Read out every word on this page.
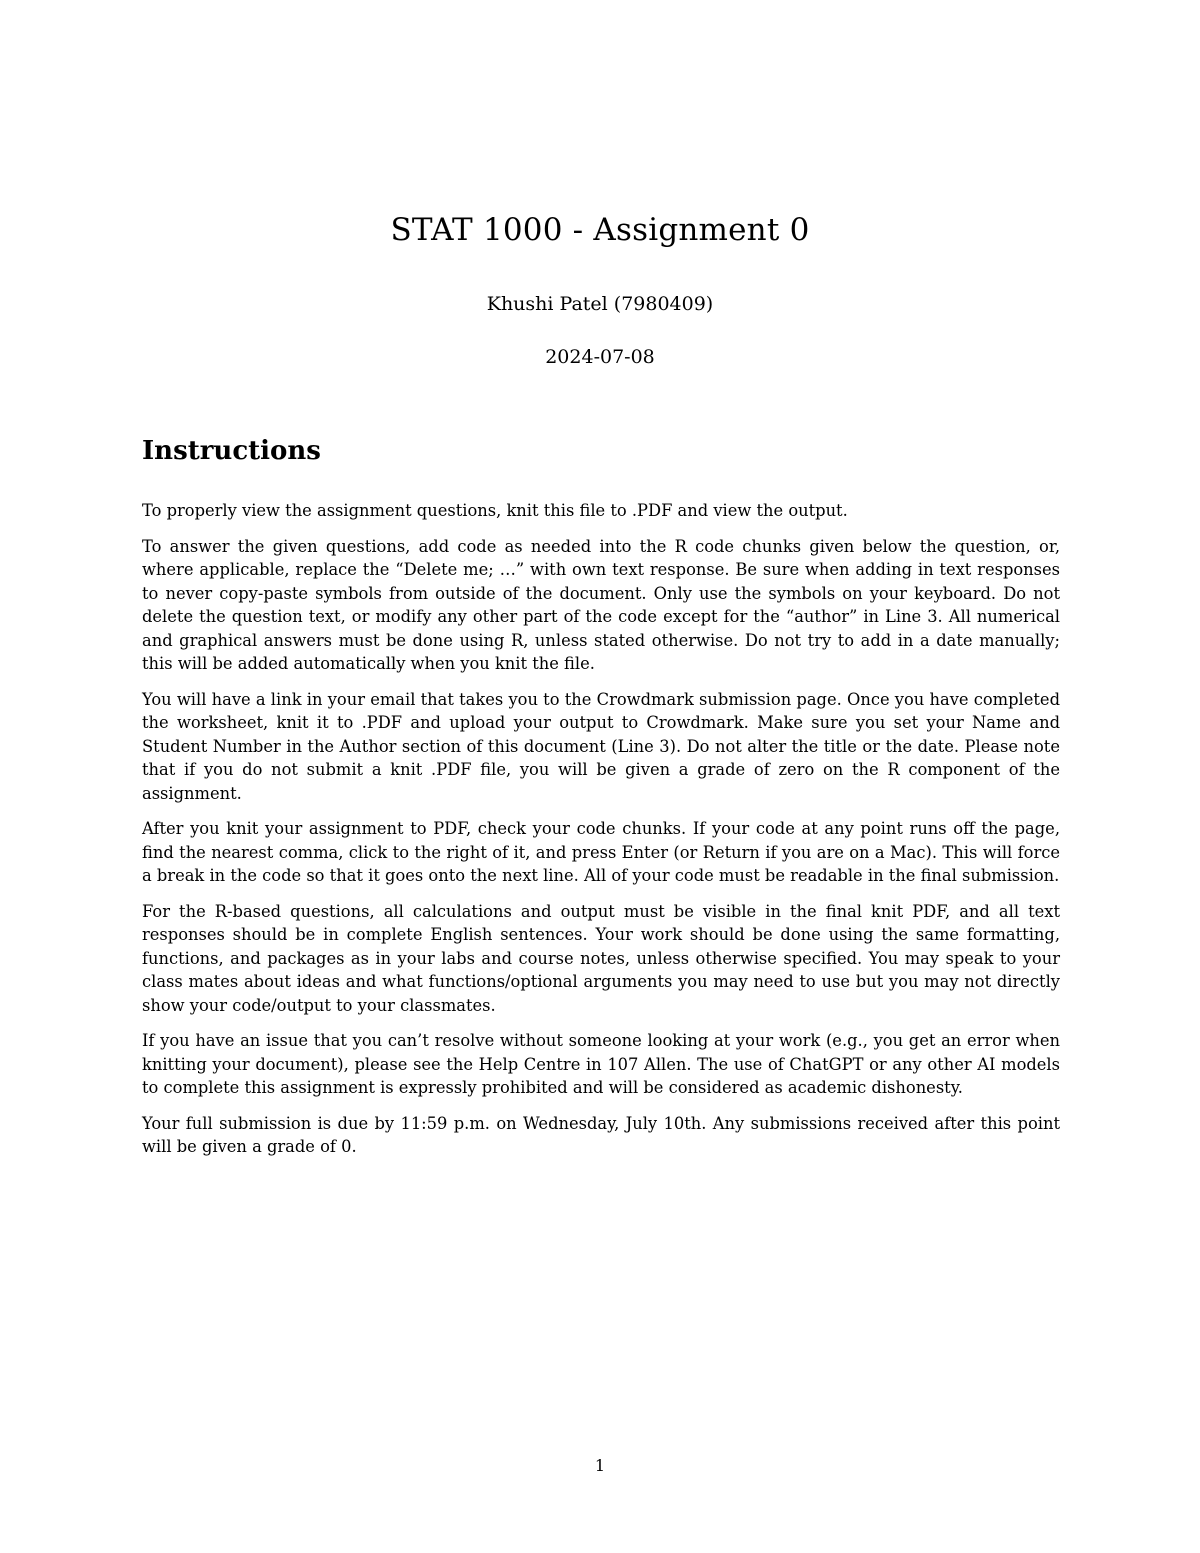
STAT 1000 - Assignment 0
Khushi Patel (7980409)
2024-07-08
Instructions

To properly view the assignment questions, knit this file to .PDF and view the output.

To answer the given questions, add code as needed into the R code chunks given below the question, or, where applicable, replace the “Delete me; …” with own text response. Be sure when adding in text responses to never copy-paste symbols from outside of the document. Only use the symbols on your keyboard. Do not delete the question text, or modify any other part of the code except for the “author” in Line 3. All numerical and graphical answers must be done using R, unless stated otherwise. Do not try to add in a date manually; this will be added automatically when you knit the file.

You will have a link in your email that takes you to the Crowdmark submission page. Once you have completed the worksheet, knit it to .PDF and upload your output to Crowdmark. Make sure you set your Name and Student Number in the Author section of this document (Line 3). Do not alter the title or the date. Please note that if you do not submit a knit .PDF file, you will be given a grade of zero on the R component of the assignment.

After you knit your assignment to PDF, check your code chunks. If your code at any point runs off the page, find the nearest comma, click to the right of it, and press Enter (or Return if you are on a Mac). This will force a break in the code so that it goes onto the next line. All of your code must be readable in the final submission.

For the R-based questions, all calculations and output must be visible in the final knit PDF, and all text responses should be in complete English sentences. Your work should be done using the same formatting, functions, and packages as in your labs and course notes, unless otherwise specified. You may speak to your class mates about ideas and what functions/optional arguments you may need to use but you may not directly show your code/output to your classmates.

If you have an issue that you can’t resolve without someone looking at your work (e.g., you get an error when knitting your document), please see the Help Centre in 107 Allen. The use of ChatGPT or any other AI models to complete this assignment is expressly prohibited and will be considered as academic dishonesty.

Your full submission is due by 11:59 p.m. on Wednesday, July 10th. Any submissions received after this point will be given a grade of 0.

1
